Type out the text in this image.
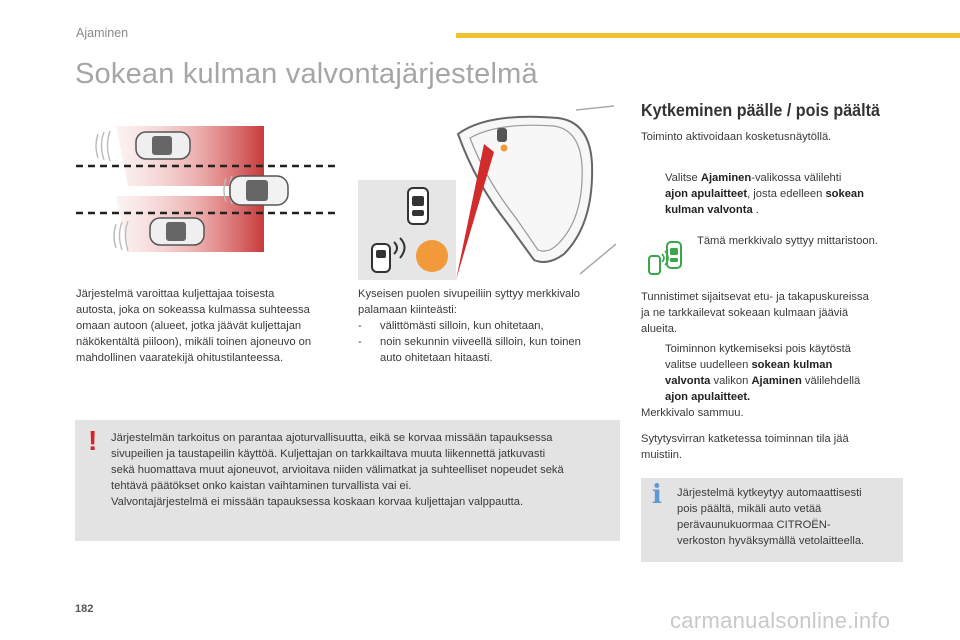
Ajaminen
Sokean kulman valvontajärjestelmä
Järjestelmä varoittaa kuljettajaa toisesta
autosta, joka on sokeassa kulmassa suhteessa
omaan autoon (alueet, jotka jäävät kuljettajan
näkökentältä piiloon), mikäli toinen ajoneuvo on
mahdollinen vaaratekijä ohitustilanteessa.
Kyseisen puolen sivupeiliin syttyy merkkivalo
palamaan kiinteästi:
- välittömästi silloin, kun ohitetaan,
- noin sekunnin viiveellä silloin, kun toinen
auto ohitetaan hitaasti.
Kytkeminen päälle / pois päältä
Toiminto aktivoidaan kosketusnäytöllä.
Valitse Ajaminen-valikossa välilehti
ajon apulaitteet, josta edelleen sokean
kulman valvonta .
Tämä merkkivalo syttyy mittaristoon.
Tunnistimet sijaitsevat etu- ja takapuskureissa
ja ne tarkkailevat sokeaan kulmaan jääviä
alueita.
Toiminnon kytkemiseksi pois käytöstä
valitse uudelleen sokean kulman
valvonta valikon Ajaminen välilehdellä
ajon apulaitteet.
Merkkivalo sammuu.
Sytytysvirran katketessa toiminnan tila jää
muistiin.
i Järjestelmä kytkeytyy automaattisesti
pois päältä, mikäli auto vetää
perävaunukuormaa CITROËN-
verkoston hyväksymällä vetolaitteella.
! Järjestelmän tarkoitus on parantaa ajoturvallisuutta, eikä se korvaa missään tapauksessa
sivupeilien ja taustapeilin käyttöä. Kuljettajan on tarkkailtava muuta liikennettä jatkuvasti
sekä huomattava muut ajoneuvot, arvioitava niiden välimatkat ja suhteelliset nopeudet sekä
tehtävä päätökset onko kaistan vaihtaminen turvallista vai ei.
Valvontajärjestelmä ei missään tapauksessa koskaan korvaa kuljettajan valppautta.
182	carmanualsonline.info
